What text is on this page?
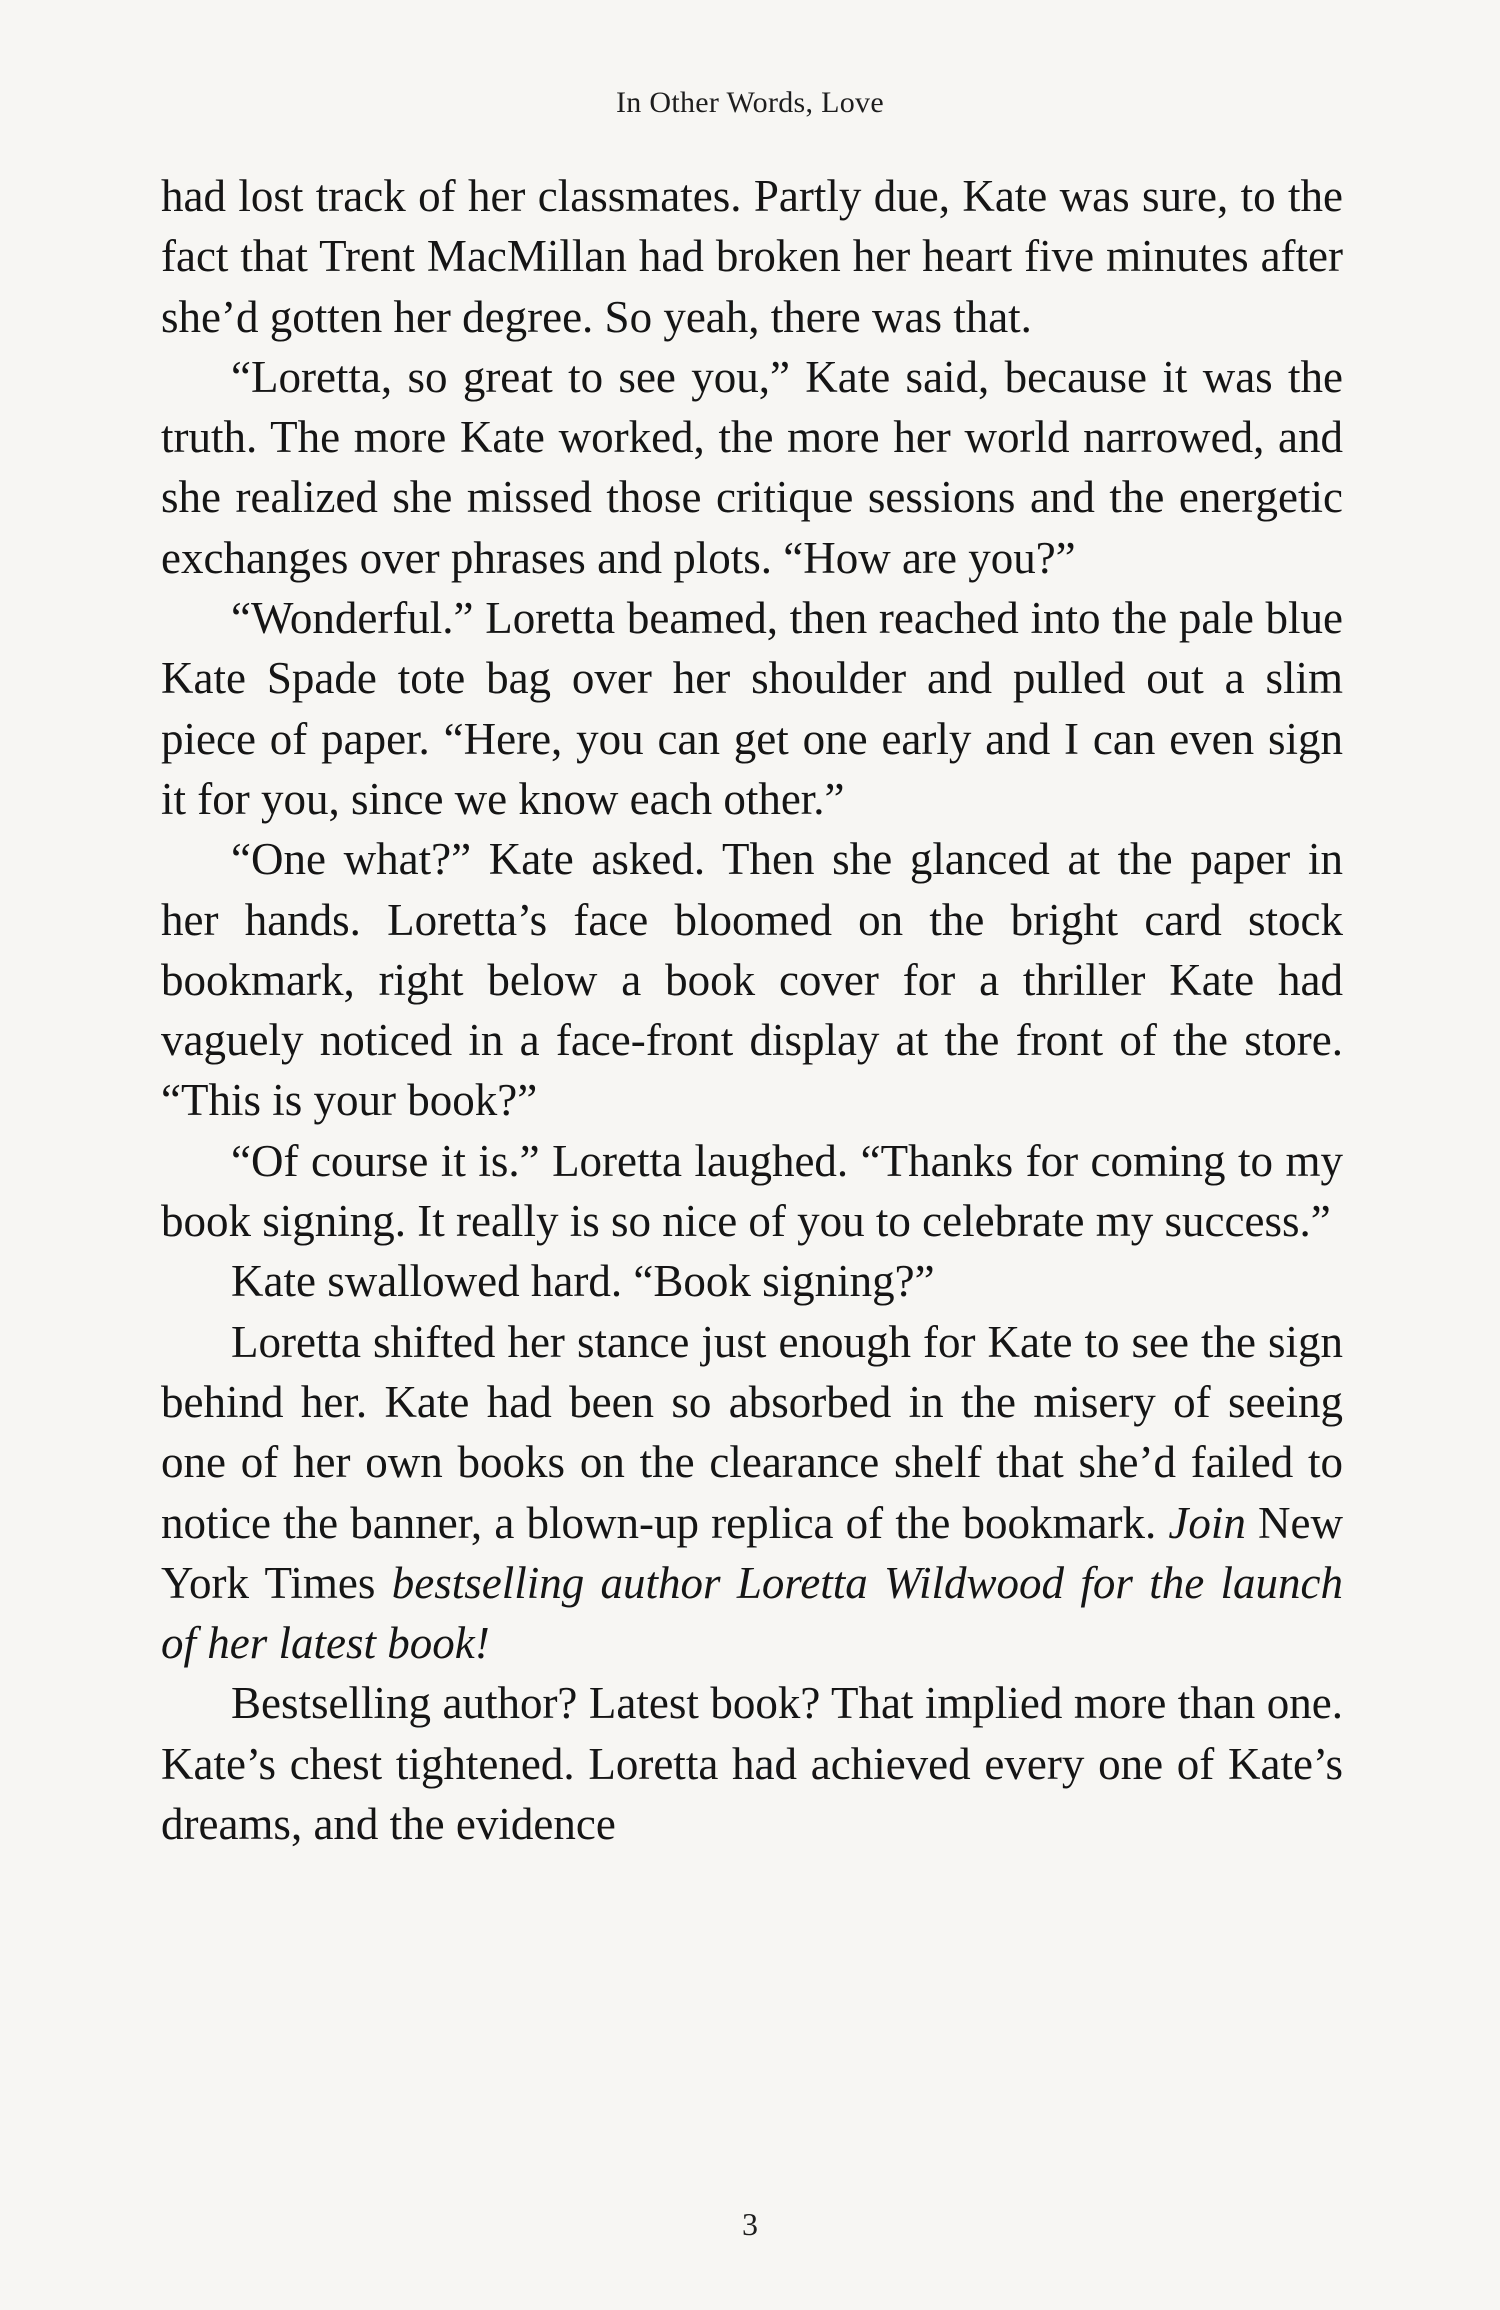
In Other Words, Love

had lost track of her classmates. Partly due, Kate was sure, to the fact that Trent MacMillan had broken her heart five minutes after she’d gotten her degree. So yeah, there was that.

“Loretta, so great to see you,” Kate said, because it was the truth. The more Kate worked, the more her world narrowed, and she realized she missed those critique sessions and the energetic exchanges over phrases and plots. “How are you?”

“Wonderful.” Loretta beamed, then reached into the pale blue Kate Spade tote bag over her shoulder and pulled out a slim piece of paper. “Here, you can get one early and I can even sign it for you, since we know each other.”

“One what?” Kate asked. Then she glanced at the paper in her hands. Loretta’s face bloomed on the bright card stock bookmark, right below a book cover for a thriller Kate had vaguely noticed in a face-front display at the front of the store. “This is your book?”

“Of course it is.” Loretta laughed. “Thanks for coming to my book signing. It really is so nice of you to celebrate my success.”

Kate swallowed hard. “Book signing?”

Loretta shifted her stance just enough for Kate to see the sign behind her. Kate had been so absorbed in the misery of seeing one of her own books on the clearance shelf that she’d failed to notice the banner, a blown-up replica of the bookmark. Join New York Times bestselling author Loretta Wildwood for the launch of her latest book!

Bestselling author? Latest book? That implied more than one. Kate’s chest tightened. Loretta had achieved every one of Kate’s dreams, and the evidence

3
